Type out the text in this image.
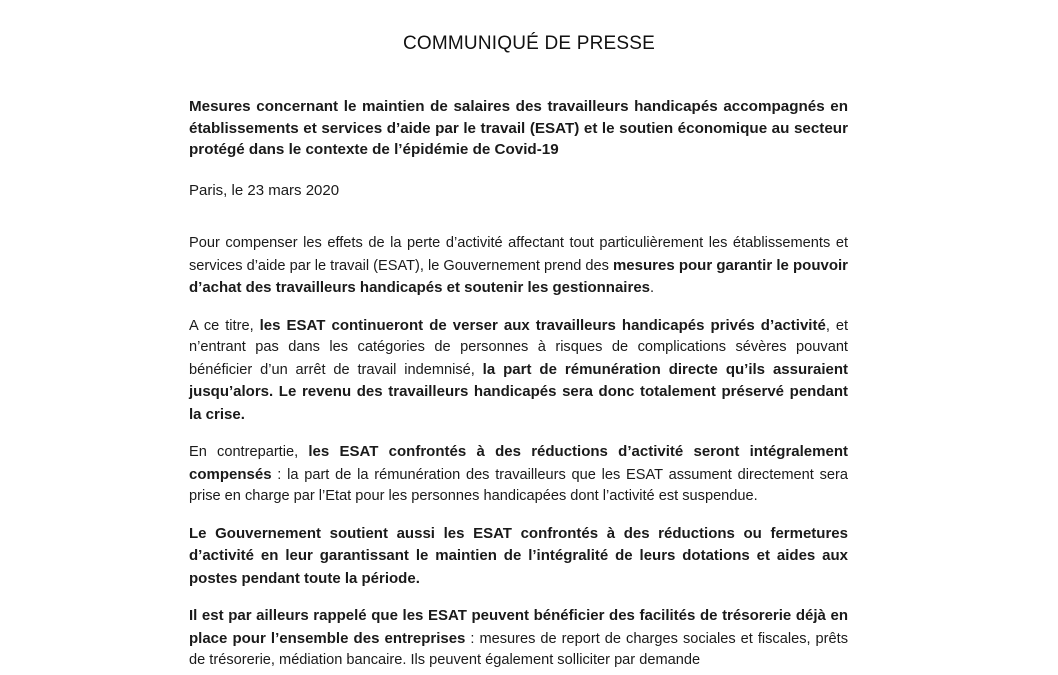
COMMUNIQUÉ DE PRESSE

Mesures concernant le maintien de salaires des travailleurs handicapés accompagnés en établissements et services d’aide par le travail (ESAT) et le soutien économique au secteur protégé dans le contexte de l’épidémie de Covid-19

Paris, le 23 mars 2020

Pour compenser les effets de la perte d’activité affectant tout particulièrement les établissements et services d’aide par le travail (ESAT), le Gouvernement prend des mesures pour garantir le pouvoir d’achat des travailleurs handicapés et soutenir les gestionnaires.

A ce titre, les ESAT continueront de verser aux travailleurs handicapés privés d’activité, et n’entrant pas dans les catégories de personnes à risques de complications sévères pouvant bénéficier d’un arrêt de travail indemnisé, la part de rémunération directe qu’ils assuraient jusqu’alors. Le revenu des travailleurs handicapés sera donc totalement préservé pendant la crise.

En contrepartie, les ESAT confrontés à des réductions d’activité seront intégralement compensés : la part de la rémunération des travailleurs que les ESAT assument directement sera prise en charge par l’Etat pour les personnes handicapées dont l’activité est suspendue.

Le Gouvernement soutient aussi les ESAT confrontés à des réductions ou fermetures d’activité en leur garantissant le maintien de l’intégralité de leurs dotations et aides aux postes pendant toute la période.

Il est par ailleurs rappelé que les ESAT peuvent bénéficier des facilités de trésorerie déjà en place pour l’ensemble des entreprises : mesures de report de charges sociales et fiscales, prêts de trésorerie, médiation bancaire. Ils peuvent également solliciter par demande
